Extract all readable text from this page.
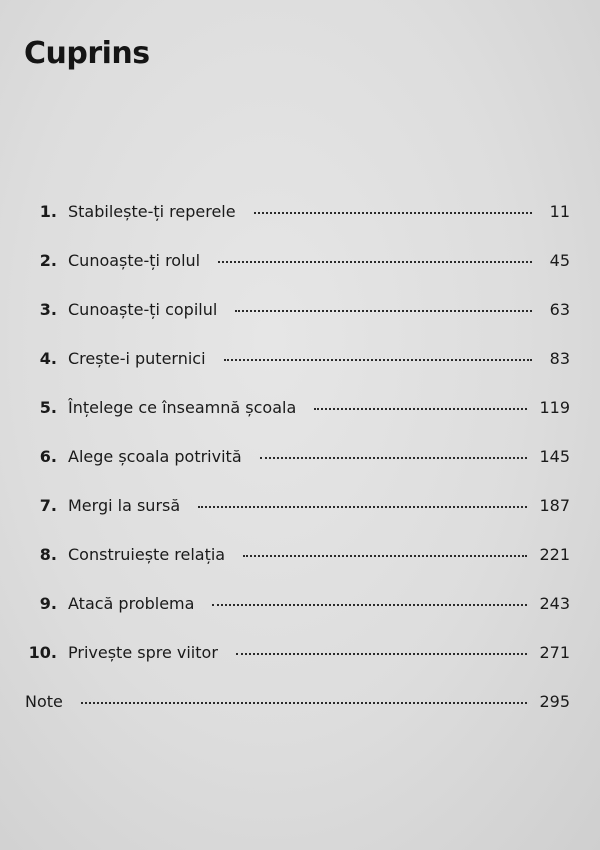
Cuprins
1. Stabilește-ți reperele	11
2. Cunoaște-ți rolul	45
3. Cunoaște-ți copilul	63
4. Crește-i puternici	83
5. Înțelege ce înseamnă școala	119
6. Alege școala potrivită	145
7. Mergi la sursă	187
8. Construiește relația	221
9. Atacă problema	243
10. Privește spre viitor	271
Note	295
